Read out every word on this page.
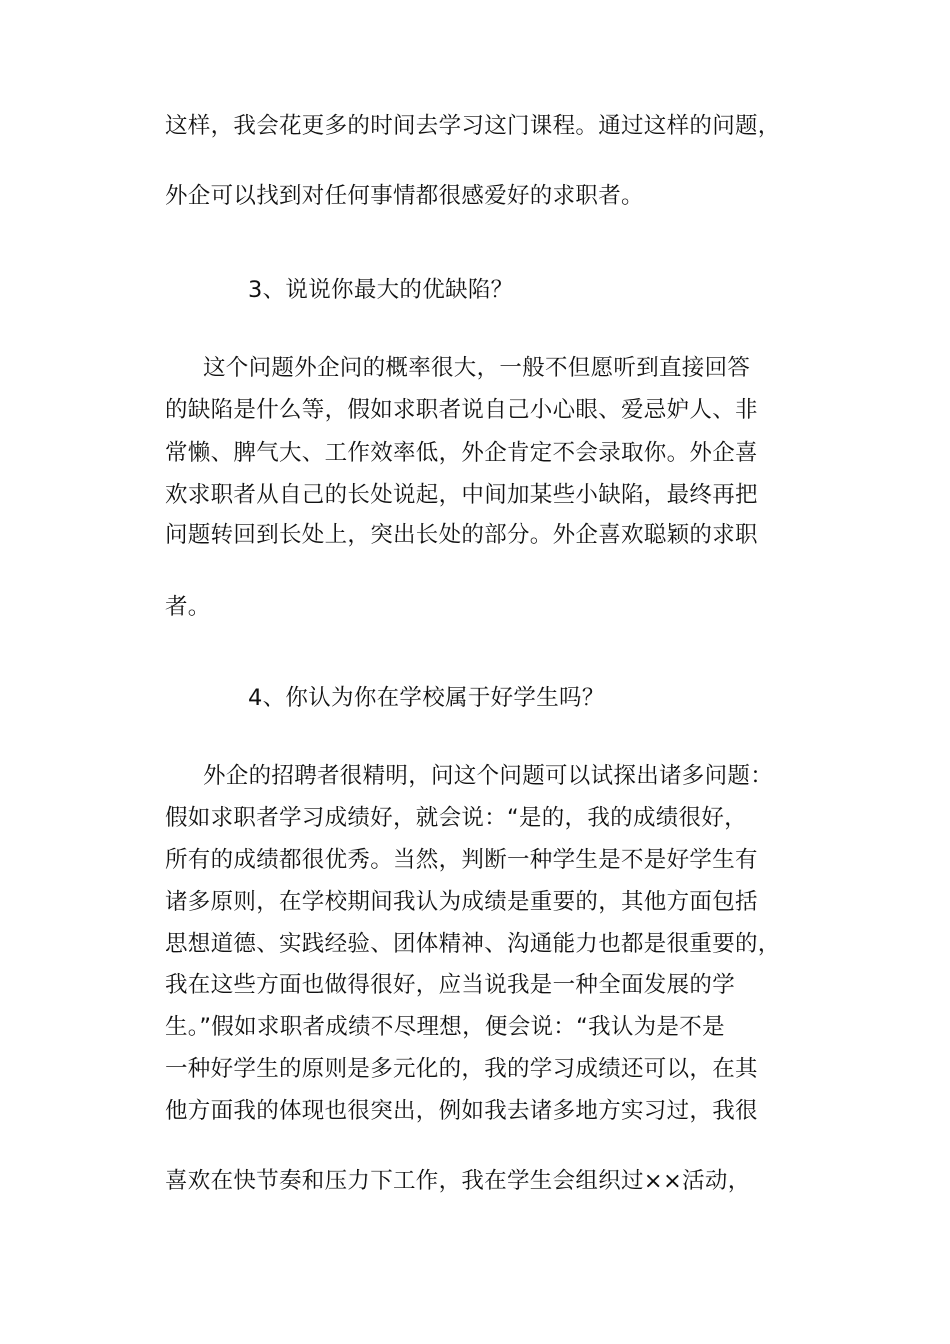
这样，我会花更多的时间去学习这门课程。通过这样的问题，
外企可以找到对任何事情都很感爱好的求职者。
3、说说你最大的优缺陷？
这个问题外企问的概率很大，一般不但愿听到直接回答
的缺陷是什么等，假如求职者说自己小心眼、爱忌妒人、非
常懒、脾气大、工作效率低，外企肯定不会录取你。外企喜
欢求职者从自己的长处说起，中间加某些小缺陷，最终再把
问题转回到长处上，突出长处的部分。外企喜欢聪颖的求职
者。
4、你认为你在学校属于好学生吗？
外企的招聘者很精明，问这个问题可以试探出诸多问题：
假如求职者学习成绩好，就会说：“是的，我的成绩很好，
所有的成绩都很优秀。当然，判断一种学生是不是好学生有
诸多原则，在学校期间我认为成绩是重要的，其他方面包括
思想道德、实践经验、团体精神、沟通能力也都是很重要的，
我在这些方面也做得很好，应当说我是一种全面发展的学
生。”假如求职者成绩不尽理想，便会说：“我认为是不是
一种好学生的原则是多元化的，我的学习成绩还可以，在其
他方面我的体现也很突出，例如我去诸多地方实习过，我很
喜欢在快节奏和压力下工作，我在学生会组织过××活动，
